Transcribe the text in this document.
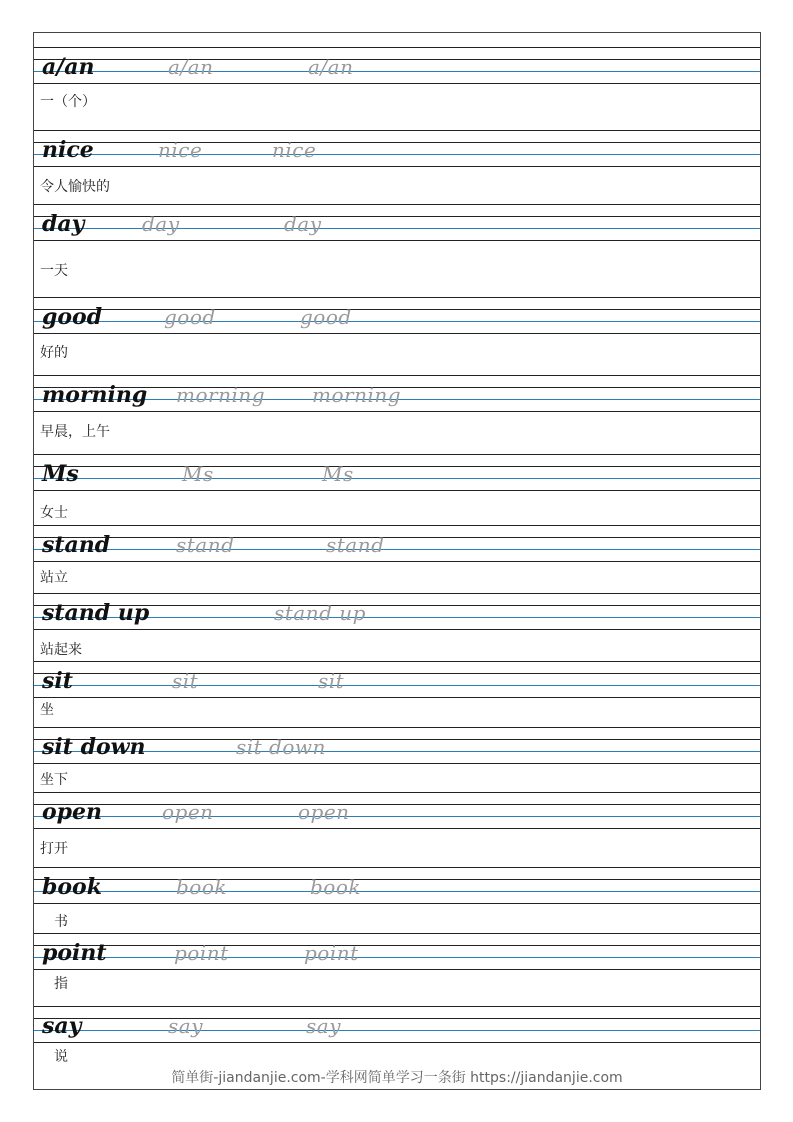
a/an	a/an	a/an
一（个）
nice	nice	nice
令人愉快的
day	day	day
一天
good	good	good
好的
morning morning morning
早晨，上午
Ms	Ms	Ms
女士
stand	stand	stand
站立
stand up	stand up
站起来
sit	sit	sit
坐
sit down	sit down
坐下
open	open	open
打开
book	book	book
书
point	point	point
指
say	say	say
说
简单街-jiandanjie.com-学科网简单学习一条街 https://jiandanjie.com
